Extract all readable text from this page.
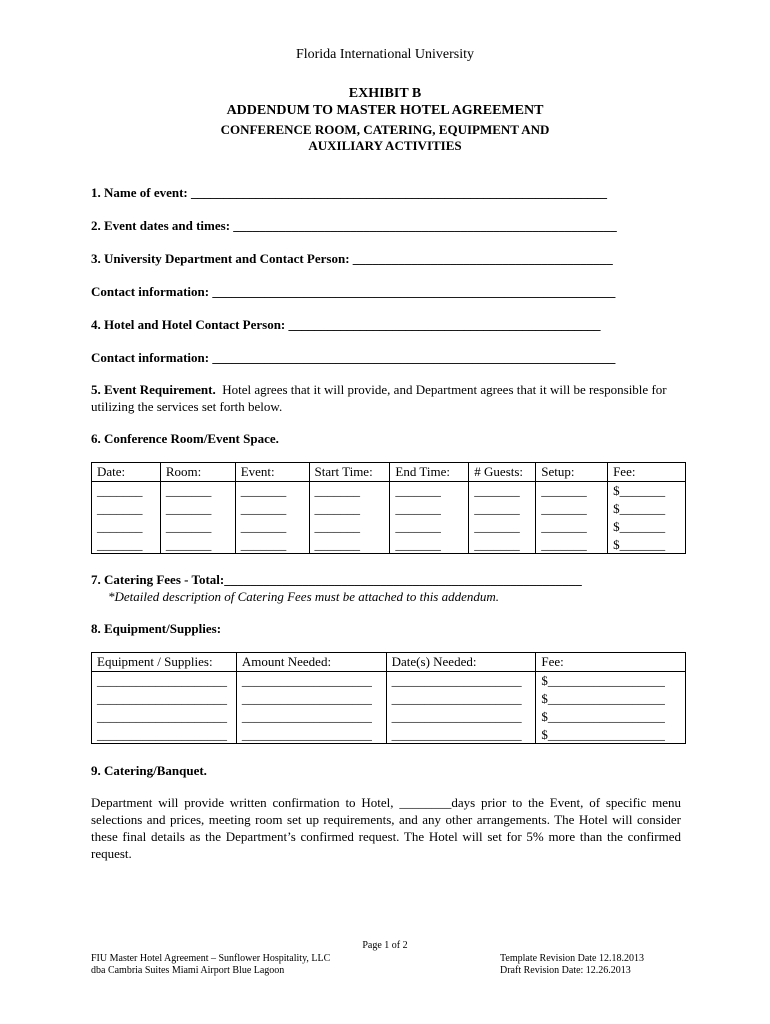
Florida International University
EXHIBIT B
ADDENDUM TO MASTER HOTEL AGREEMENT
CONFERENCE ROOM, CATERING, EQUIPMENT AND
AUXILIARY ACTIVITIES
1. Name of event: ________________________________________________________________
2. Event dates and times: ___________________________________________________________
3. University Department and Contact Person: ________________________________________
Contact information: ______________________________________________________________
4. Hotel and Hotel Contact Person: ________________________________________________
Contact information: ______________________________________________________________
5. Event Requirement. Hotel agrees that it will provide, and Department agrees that it will be responsible for utilizing the services set forth below.
6. Conference Room/Event Space.
Date:	Room:	Event:	Start Time:	End Time:	# Guests:	Setup:	Fee:
_______	_______	_______	_______	_______	_______	_______	$_______
_______	_______	_______	_______	_______	_______	_______	$_______
_______	_______	_______	_______	_______	_______	_______	$_______
_______	_______	_______	_______	_______	_______	_______	$_______
7. Catering Fees - Total:_______________________________________________________
*Detailed description of Catering Fees must be attached to this addendum.
8. Equipment/Supplies:
Equipment / Supplies:	Amount Needed:	Date(s) Needed:	Fee:
____________________	____________________	____________________	$__________________
____________________	____________________	____________________	$__________________
____________________	____________________	____________________	$__________________
____________________	____________________	____________________	$__________________
9. Catering/Banquet.
Department will provide written confirmation to Hotel, ________days prior to the Event, of specific menu selections and prices, meeting room set up requirements, and any other arrangements. The Hotel will consider these final details as the Department’s confirmed request. The Hotel will set for 5% more than the confirmed request.
Page 1 of 2
FIU Master Hotel Agreement – Sunflower Hospitality, LLC
dba Cambria Suites Miami Airport Blue Lagoon
Template Revision Date 12.18.2013
Draft Revision Date: 12.26.2013
